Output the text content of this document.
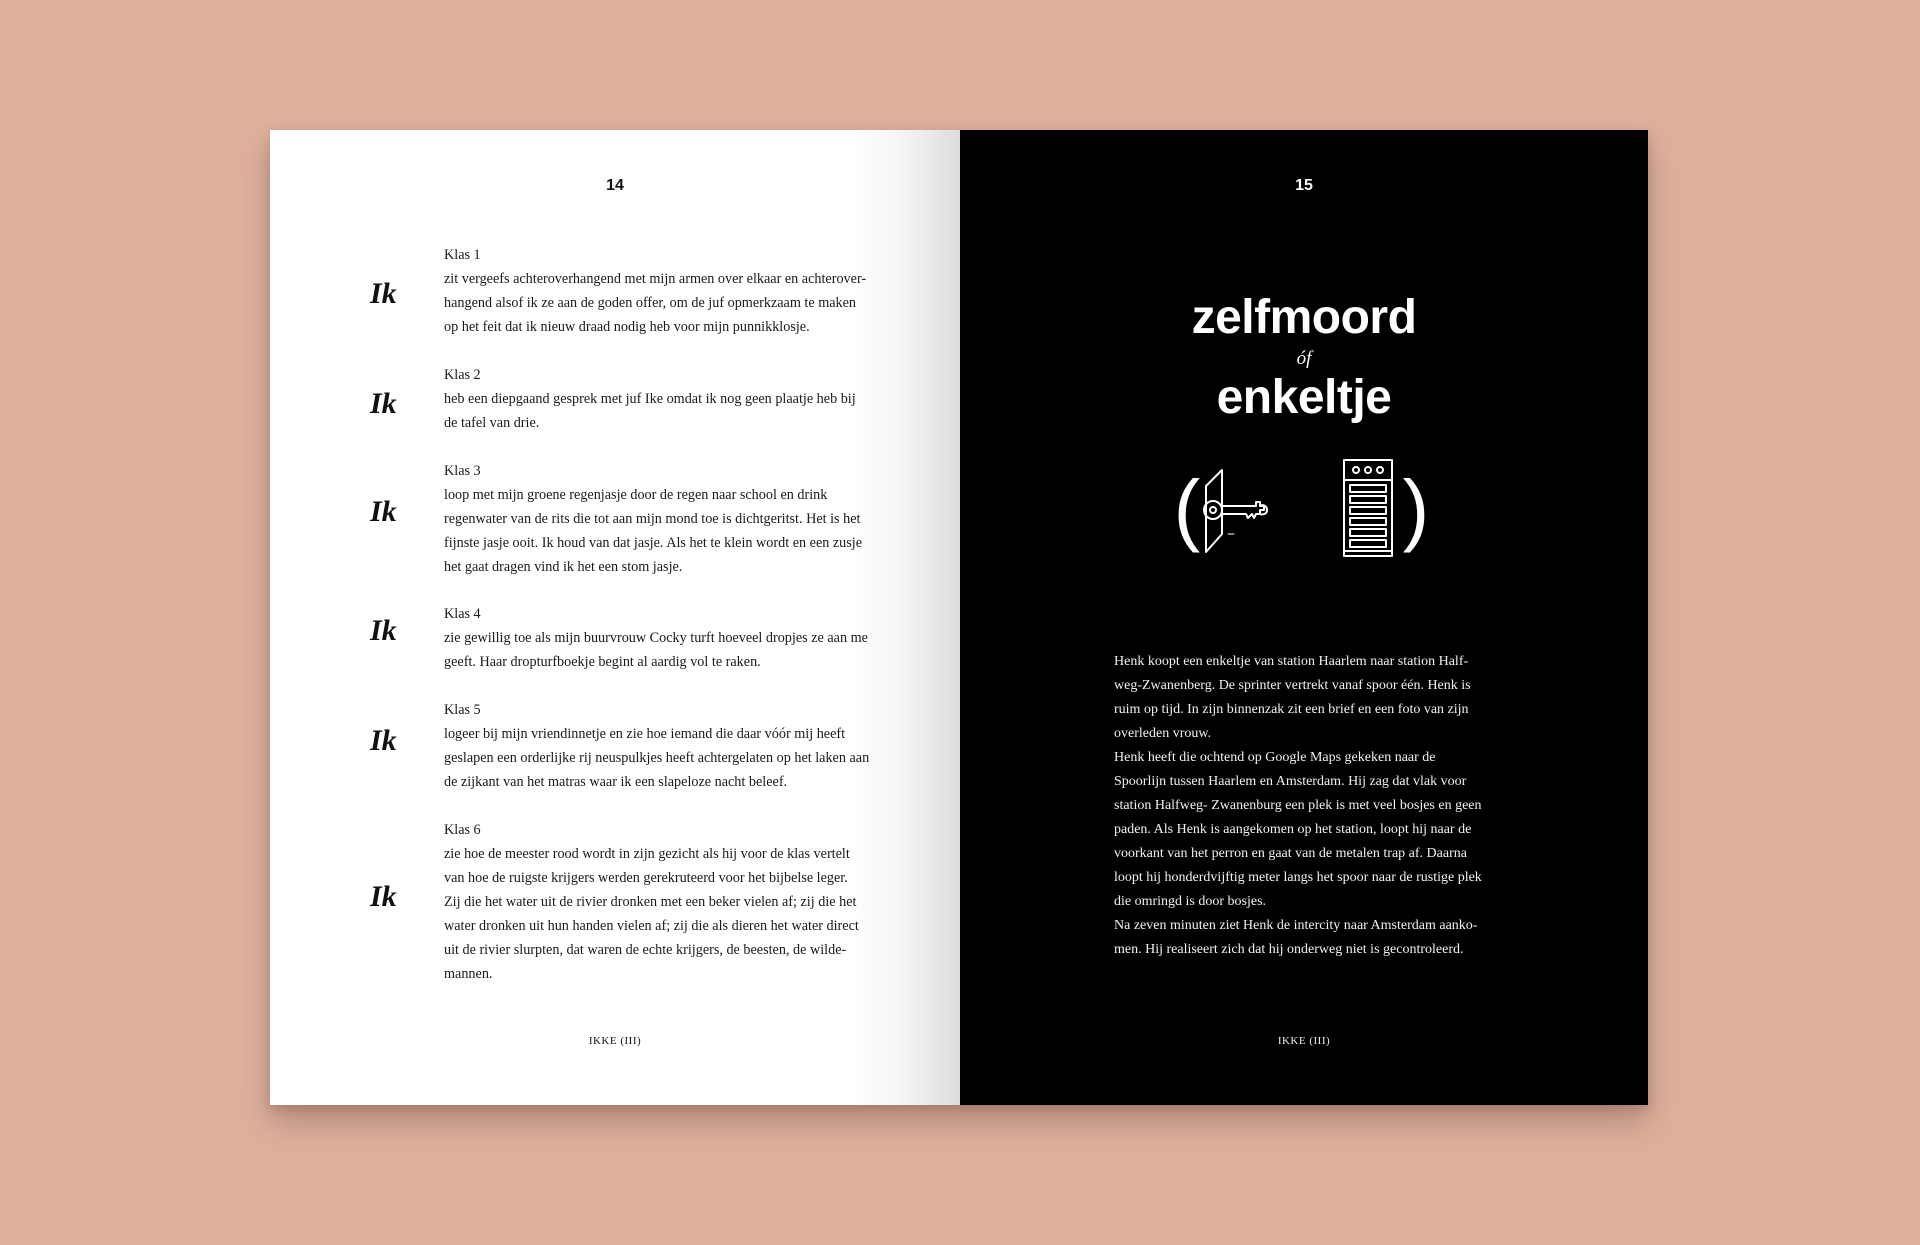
14
Ik
Klas 1
zit vergeefs achteroverhangend met mijn armen over elkaar en achterover-
hangend alsof ik ze aan de goden offer, om de juf opmerkzaam te maken
op het feit dat ik nieuw draad nodig heb voor mijn punnikklosje.
Ik
Klas 2
heb een diepgaand gesprek met juf Ike omdat ik nog geen plaatje heb bij
de tafel van drie.
Ik
Klas 3
loop met mijn groene regenjasje door de regen naar school en drink
regenwater van de rits die tot aan mijn mond toe is dichtgeritst. Het is het
fijnste jasje ooit. Ik houd van dat jasje. Als het te klein wordt en een zusje
het gaat dragen vind ik het een stom jasje.
Ik	Klas 4
zie gewillig toe als mijn buurvrouw Cocky turft hoeveel dropjes ze aan me
geeft. Haar dropturfboekje begint al aardig vol te raken.
Ik
Klas 5
logeer bij mijn vriendinnetje en zie hoe iemand die daar vóór mij heeft
geslapen een orderlijke rij neuspulkjes heeft achtergelaten op het laken aan
de zijkant van het matras waar ik een slapeloze nacht beleef.
Ik
Klas 6
zie hoe de meester rood wordt in zijn gezicht als hij voor de klas vertelt
van hoe de ruigste krijgers werden gerekruteerd voor het bijbelse leger.
Zij die het water uit de rivier dronken met een beker vielen af; zij die het
water dronken uit hun handen vielen af; zij die als dieren het water direct
uit de rivier slurpten, dat waren de echte krijgers, de beesten, de wilde-
mannen.
IKKE (III)
15
zelfmoord
óf
enkeltje
(	)
Henk koopt een enkeltje van station Haarlem naar station Half-
weg-Zwanenberg. De sprinter vertrekt vanaf spoor één. Henk is
ruim op tijd. In zijn binnenzak zit een brief en een foto van zijn
overleden vrouw.
Henk heeft die ochtend op Google Maps gekeken naar de
Spoorlijn tussen Haarlem en Amsterdam. Hij zag dat vlak voor
station Halfweg- Zwanenburg een plek is met veel bosjes en geen
paden. Als Henk is aangekomen op het station, loopt hij naar de
voorkant van het perron en gaat van de metalen trap af. Daarna
loopt hij honderdvijftig meter langs het spoor naar de rustige plek
die omringd is door bosjes.
Na zeven minuten ziet Henk de intercity naar Amsterdam aanko-
men. Hij realiseert zich dat hij onderweg niet is gecontroleerd.
IKKE (III)
